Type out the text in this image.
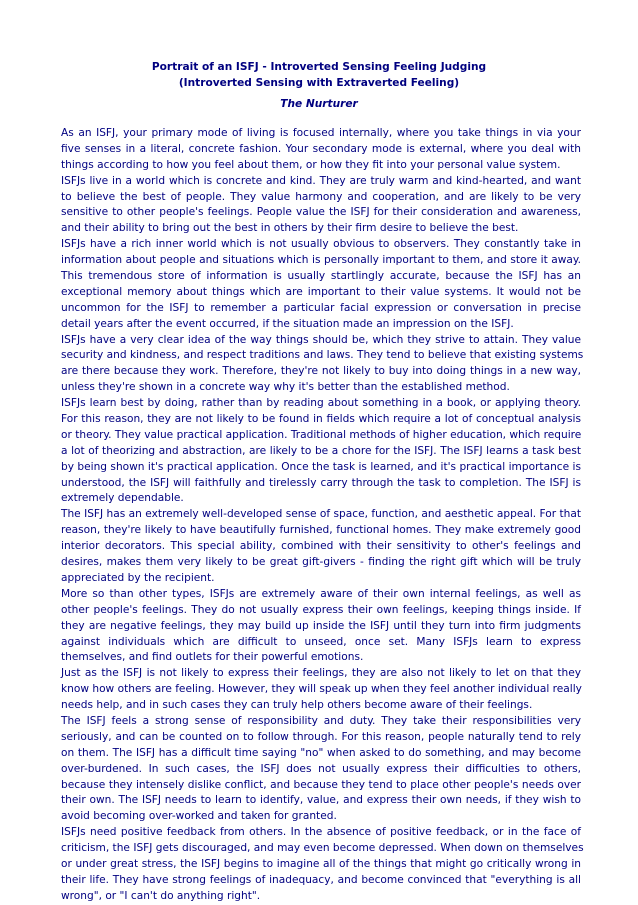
Portrait of an ISFJ - Introverted Sensing Feeling Judging
(Introverted Sensing with Extraverted Feeling)
The Nurturer
As an ISFJ, your primary mode of living is focused internally, where you take things in via your
five senses in a literal, concrete fashion. Your secondary mode is external, where you deal with
things according to how you feel about them, or how they fit into your personal value system.
ISFJs live in a world which is concrete and kind. They are truly warm and kind-hearted, and want
to believe the best of people. They value harmony and cooperation, and are likely to be very
sensitive to other people's feelings. People value the ISFJ for their consideration and awareness,
and their ability to bring out the best in others by their firm desire to believe the best.
ISFJs have a rich inner world which is not usually obvious to observers. They constantly take in
information about people and situations which is personally important to them, and store it away.
This tremendous store of information is usually startlingly accurate, because the ISFJ has an
exceptional memory about things which are important to their value systems. It would not be
uncommon for the ISFJ to remember a particular facial expression or conversation in precise
detail years after the event occurred, if the situation made an impression on the ISFJ.
ISFJs have a very clear idea of the way things should be, which they strive to attain. They value
security and kindness, and respect traditions and laws. They tend to believe that existing systems
are there because they work. Therefore, they're not likely to buy into doing things in a new way,
unless they're shown in a concrete way why it's better than the established method.
ISFJs learn best by doing, rather than by reading about something in a book, or applying theory.
For this reason, they are not likely to be found in fields which require a lot of conceptual analysis
or theory. They value practical application. Traditional methods of higher education, which require
a lot of theorizing and abstraction, are likely to be a chore for the ISFJ. The ISFJ learns a task best
by being shown it's practical application. Once the task is learned, and it's practical importance is
understood, the ISFJ will faithfully and tirelessly carry through the task to completion. The ISFJ is
extremely dependable.
The ISFJ has an extremely well-developed sense of space, function, and aesthetic appeal. For that
reason, they're likely to have beautifully furnished, functional homes. They make extremely good
interior decorators. This special ability, combined with their sensitivity to other's feelings and
desires, makes them very likely to be great gift-givers - finding the right gift which will be truly
appreciated by the recipient.
More so than other types, ISFJs are extremely aware of their own internal feelings, as well as
other people's feelings. They do not usually express their own feelings, keeping things inside. If
they are negative feelings, they may build up inside the ISFJ until they turn into firm judgments
against individuals which are difficult to unseed, once set. Many ISFJs learn to express
themselves, and find outlets for their powerful emotions.
Just as the ISFJ is not likely to express their feelings, they are also not likely to let on that they
know how others are feeling. However, they will speak up when they feel another individual really
needs help, and in such cases they can truly help others become aware of their feelings.
The ISFJ feels a strong sense of responsibility and duty. They take their responsibilities very
seriously, and can be counted on to follow through. For this reason, people naturally tend to rely
on them. The ISFJ has a difficult time saying "no" when asked to do something, and may become
over-burdened. In such cases, the ISFJ does not usually express their difficulties to others,
because they intensely dislike conflict, and because they tend to place other people's needs over
their own. The ISFJ needs to learn to identify, value, and express their own needs, if they wish to
avoid becoming over-worked and taken for granted.
ISFJs need positive feedback from others. In the absence of positive feedback, or in the face of
criticism, the ISFJ gets discouraged, and may even become depressed. When down on themselves
or under great stress, the ISFJ begins to imagine all of the things that might go critically wrong in
their life. They have strong feelings of inadequacy, and become convinced that "everything is all
wrong", or "I can't do anything right".
